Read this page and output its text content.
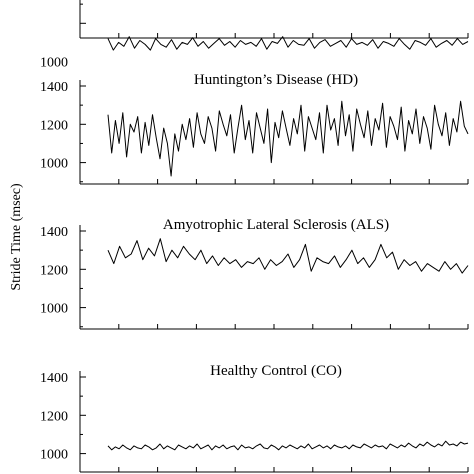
Stride Time (msec)
1000
1400
1200
1000
Huntington’s Disease (HD)
1400
1200
1000
Amyotrophic Lateral Sclerosis (ALS)
1400
1200
1000
Healthy Control (CO)
